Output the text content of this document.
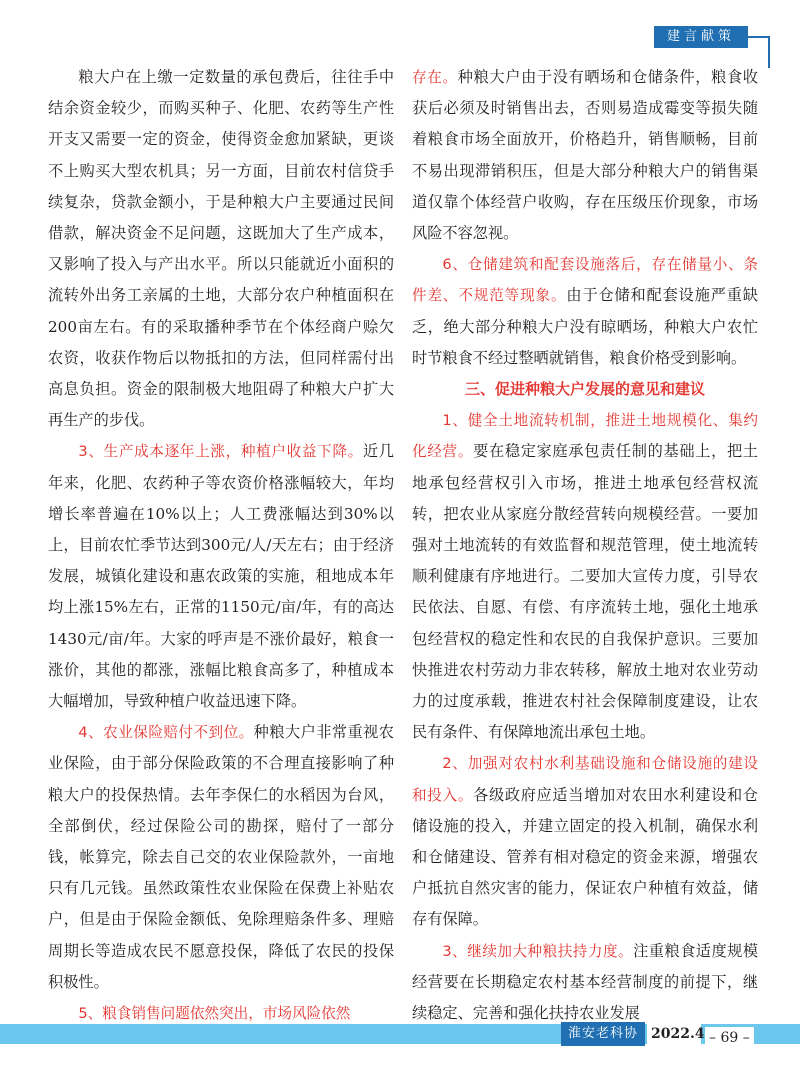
建言献策

粮大户在上缴一定数量的承包费后，往往手中结余资金较少，而购买种子、化肥、农药等生产性开支又需要一定的资金，使得资金愈加紧缺，更谈不上购买大型农机具；另一方面，目前农村信贷手续复杂，贷款金额小，于是种粮大户主要通过民间借款，解决资金不足问题，这既加大了生产成本，又影响了投入与产出水平。所以只能就近小面积的流转外出务工亲属的土地，大部分农户种植面积在200亩左右。有的采取播种季节在个体经商户赊欠农资，收获作物后以物抵扣的方法，但同样需付出高息负担。资金的限制极大地阻碍了种粮大户扩大再生产的步伐。

3、生产成本逐年上涨，种植户收益下降。近几年来，化肥、农药种子等农资价格涨幅较大，年均增长率普遍在10%以上；人工费涨幅达到30%以上，目前农忙季节达到300元/人/天左右；由于经济发展，城镇化建设和惠农政策的实施，租地成本年均上涨15%左右，正常的1150元/亩/年，有的高达1430元/亩/年。大家的呼声是不涨价最好，粮食一涨价，其他的都涨，涨幅比粮食高多了，种植成本大幅增加，导致种植户收益迅速下降。

4、农业保险赔付不到位。种粮大户非常重视农业保险，由于部分保险政策的不合理直接影响了种粮大户的投保热情。去年李保仁的水稻因为台风，全部倒伏，经过保险公司的勘探，赔付了一部分钱，帐算完，除去自己交的农业保险款外，一亩地只有几元钱。虽然政策性农业保险在保费上补贴农户，但是由于保险金额低、免除理赔条件多、理赔周期长等造成农民不愿意投保，降低了农民的投保积极性。

5、粮食销售问题依然突出，市场风险依然

存在。种粮大户由于没有晒场和仓储条件，粮食收获后必须及时销售出去，否则易造成霉变等损失随着粮食市场全面放开，价格趋升，销售顺畅，目前不易出现滞销积压，但是大部分种粮大户的销售渠道仅靠个体经营户收购，存在压级压价现象，市场风险不容忽视。

6、仓储建筑和配套设施落后，存在储量小、条件差、不规范等现象。由于仓储和配套设施严重缺乏，绝大部分种粮大户没有晾晒场，种粮大户农忙时节粮食不经过整晒就销售，粮食价格受到影响。

三、促进种粮大户发展的意见和建议

1、健全土地流转机制，推进土地规模化、集约化经营。要在稳定家庭承包责任制的基础上，把土地承包经营权引入市场，推进土地承包经营权流转，把农业从家庭分散经营转向规模经营。一要加强对土地流转的有效监督和规范管理，使土地流转顺利健康有序地进行。二要加大宣传力度，引导农民依法、自愿、有偿、有序流转土地，强化土地承包经营权的稳定性和农民的自我保护意识。三要加快推进农村劳动力非农转移，解放土地对农业劳动力的过度承载，推进农村社会保障制度建设，让农民有条件、有保障地流出承包土地。

2、加强对农村水利基础设施和仓储设施的建设和投入。各级政府应适当增加对农田水利建设和仓储设施的投入，并建立固定的投入机制，确保水利和仓储建设、管养有相对稳定的资金来源，增强农户抵抗自然灾害的能力，保证农户种植有效益，储存有保障。

3、继续加大种粮扶持力度。注重粮食适度规模经营要在长期稳定农村基本经营制度的前提下，继续稳定、完善和强化扶持农业发展

淮安老科协 2022.4 – 69 –
